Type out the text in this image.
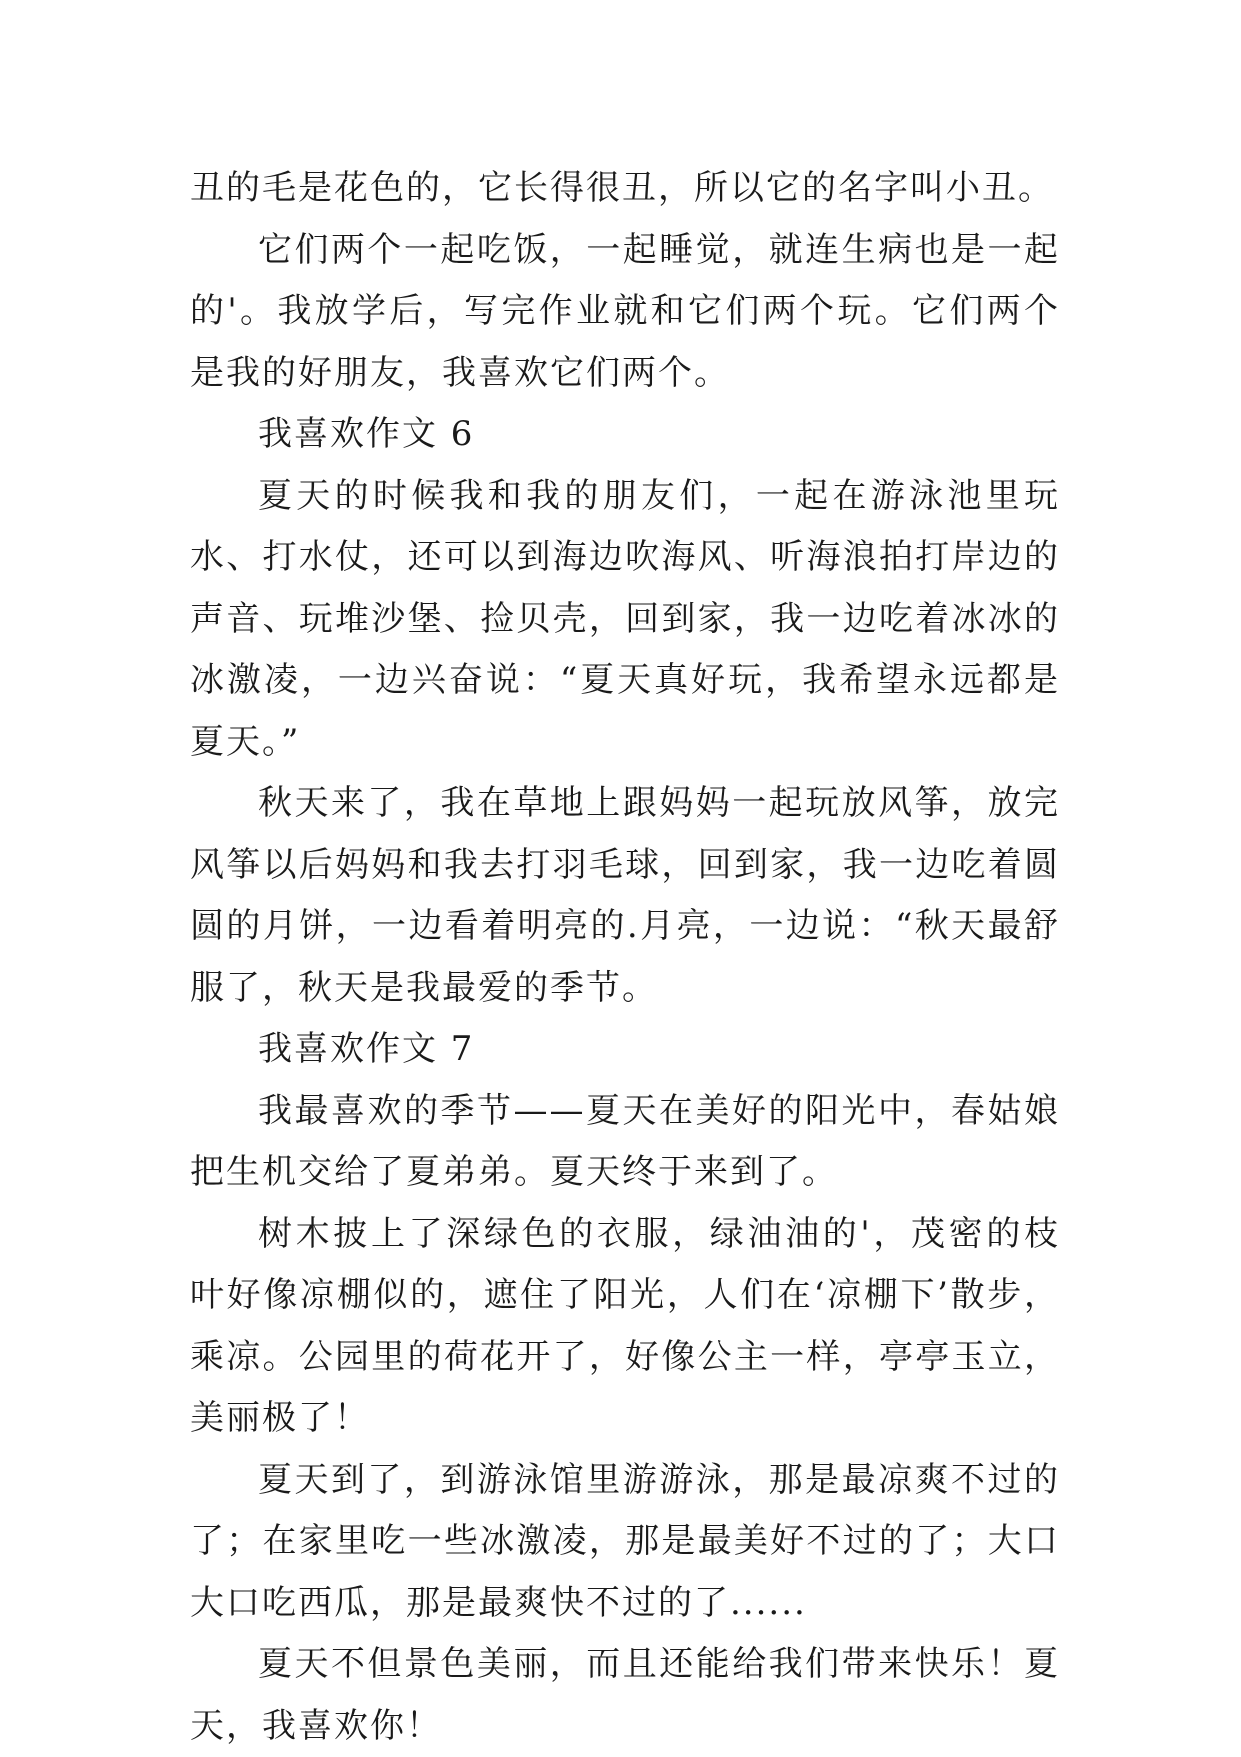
丑的毛是花色的，它长得很丑，所以它的名字叫小丑。

它们两个一起吃饭，一起睡觉，就连生病也是一起的'。我放学后，写完作业就和它们两个玩。它们两个是我的好朋友，我喜欢它们两个。

我喜欢作文 6

夏天的时候我和我的朋友们，一起在游泳池里玩水、打水仗，还可以到海边吹海风、听海浪拍打岸边的声音、玩堆沙堡、捡贝壳，回到家，我一边吃着冰冰的冰激凌，一边兴奋说：“夏天真好玩，我希望永远都是夏天。”

秋天来了，我在草地上跟妈妈一起玩放风筝，放完风筝以后妈妈和我去打羽毛球，回到家，我一边吃着圆圆的月饼，一边看着明亮的.月亮，一边说：“秋天最舒服了，秋天是我最爱的季节。

我喜欢作文 7

我最喜欢的季节——夏天在美好的阳光中，春姑娘把生机交给了夏弟弟。夏天终于来到了。

树木披上了深绿色的衣服，绿油油的'，茂密的枝叶好像凉棚似的，遮住了阳光，人们在‘凉棚下’散步，乘凉。公园里的荷花开了，好像公主一样，亭亭玉立，美丽极了！

夏天到了，到游泳馆里游游泳，那是最凉爽不过的了；在家里吃一些冰激凌，那是最美好不过的了；大口大口吃西瓜，那是最爽快不过的了......

夏天不但景色美丽，而且还能给我们带来快乐！夏天，我喜欢你！
